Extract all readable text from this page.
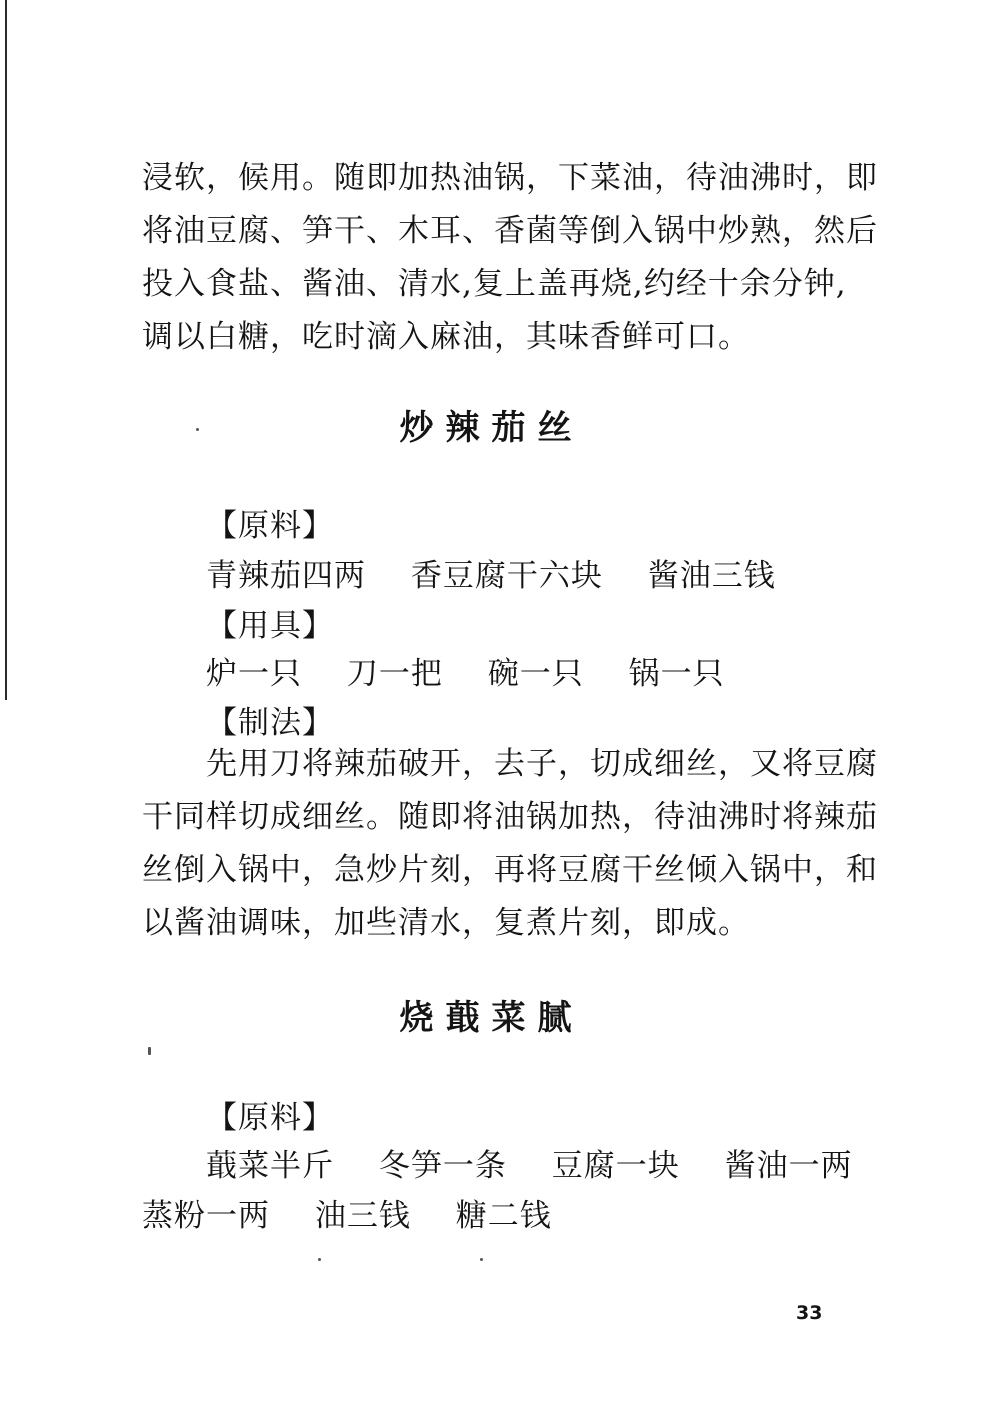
浸软，候用。随即加热油锅，下菜油，待油沸时，即
将油豆腐、笋干、木耳、香菌等倒入锅中炒熟，然后
投入食盐、酱油、清水,复上盖再烧,约经十余分钟,
调以白糖，吃时滴入麻油，其味香鲜可口。
炒辣茄丝
【原料】
青辣茄四两 香豆腐干六块 酱油三钱
【用具】
炉一只 刀一把 碗一只 锅一只
【制法】
先用刀将辣茄破开，去子，切成细丝，又将豆腐
干同样切成细丝。随即将油锅加热，待油沸时将辣茄
丝倒入锅中，急炒片刻，再将豆腐干丝倾入锅中，和
以酱油调味，加些清水，复煮片刻，即成。
烧蕺菜腻
【原料】
蕺菜半斤 冬笋一条 豆腐一块 酱油一两
蒸粉一两 油三钱 糖二钱
33
